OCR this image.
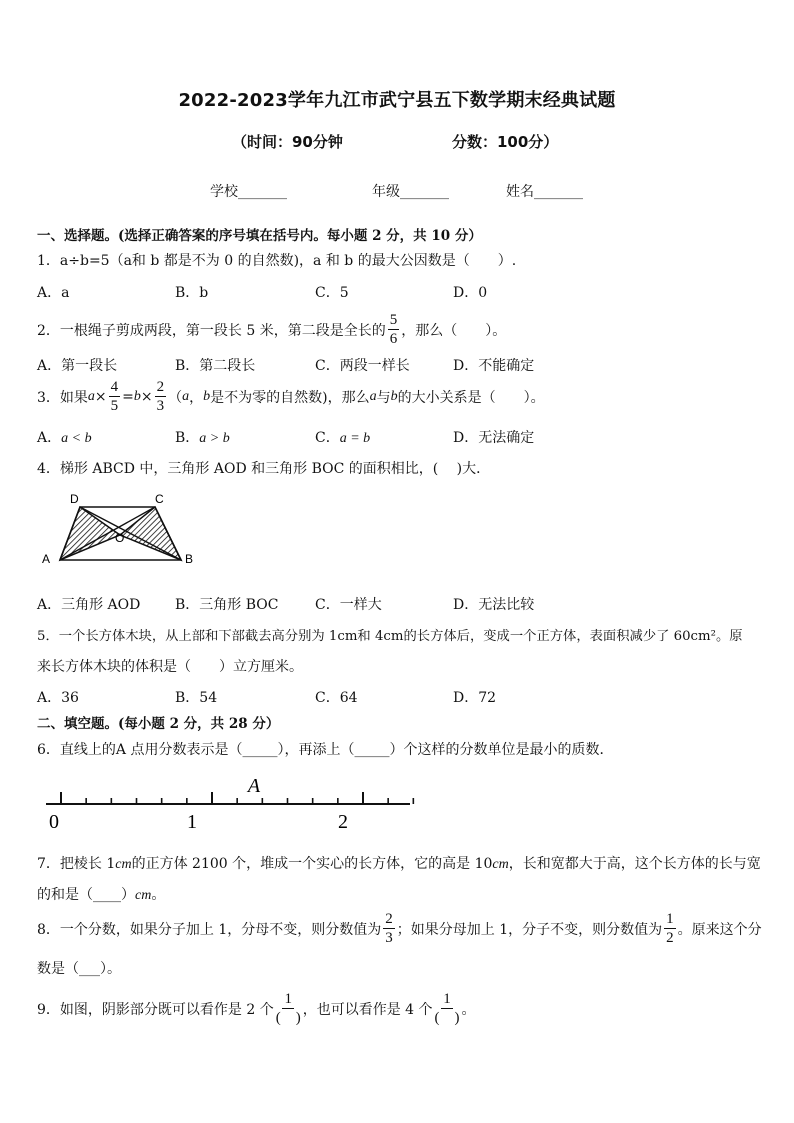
2022-2023学年九江市武宁县五下数学期末经典试题
（时间：90分钟	分数：100分）
学校_______	年级_______	姓名_______
一、选择题。(选择正确答案的序号填在括号内。每小题 2 分，共 10 分）
1．a÷b=5（a和 b 都是不为 0 的自然数)，a 和 b 的最大公因数是（　　）.
A．a	B．b	C．5	D．0
2．一根绳子剪成两段，第一段长 5 米，第二段是全长的 $\frac{5}{6}$ ，那么（　　）。
A．第一段长	B．第二段长	C．两段一样长	D．不能确定
3．如果 $a \times \frac{4}{5} = b \times \frac{2}{3}$ （ a ， b 是不为零的自然数)，那么 a 与 b 的大小关系是（　　）。
A．a < b	B．a > b	C．a = b	D．无法确定
4．梯形 ABCD 中，三角形 AOD 和三角形 BOC 的面积相比，(　 )大．
A	B
C
D
O
A．三角形 AOD B．三角形 BOC	C．一样大	D．无法比较
5．一个长方体木块，从上部和下部截去高分别为 1cm和 4cm的长方体后，变成一个正方体，表面积减少了 60cm²。原
来长方体木块的体积是（　　）立方厘米。
A．36	B．54	C．64	D．72
二、填空题。(每小题 2 分，共 28 分）
6．直线上的A 点用分数表示是（_____），再添上（_____）个这样的分数单位是最小的质数．
0	1	2
A
7．把棱长 1cm的正方体 2100 个，堆成一个实心的长方体，它的高是 10cm，长和宽都大于高，这个长方体的长与宽
的和是（____）cm。
8．一个分数，如果分子加上 1，分母不变，则分数值为 $\frac{2}{3}$ ；如果分母加上 1，分子不变，则分数值为 $\frac{1}{2}$ 。原来这个分
数是（___）。
9．如图，阴影部分既可以看作是 2 个 $\frac{1}{( )}$ ，也可以看作是 4 个 $\frac{1}{( )}$ 。
